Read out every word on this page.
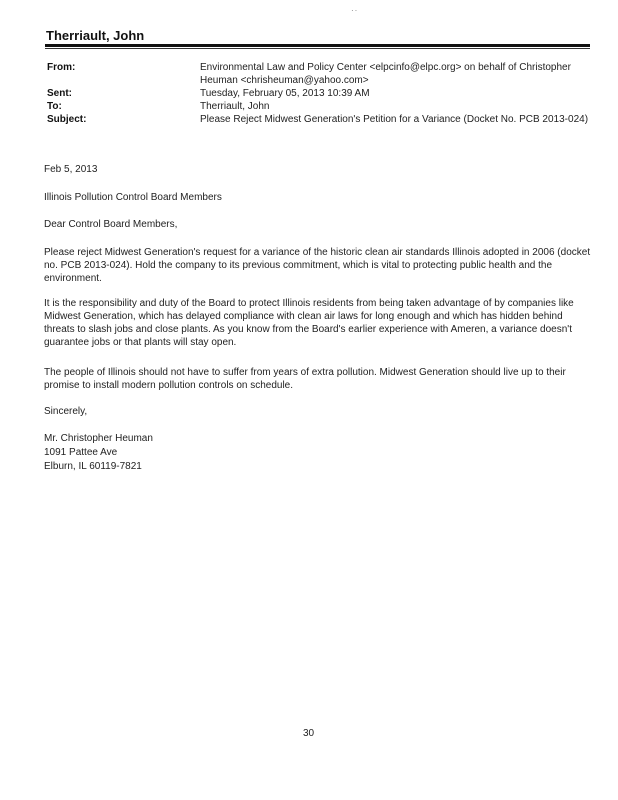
··
Therriault, John
From:	Environmental Law and Policy Center <elpcinfo@elpc.org> on behalf of Christopher Heuman <chrisheuman@yahoo.com>
Sent:	Tuesday, February 05, 2013 10:39 AM
To:	Therriault, John
Subject:	Please Reject Midwest Generation's Petition for a Variance (Docket No. PCB 2013-024)
Feb 5, 2013
Illinois Pollution Control Board Members
Dear Control Board Members,
Please reject Midwest Generation's request for a variance of the historic clean air standards Illinois adopted in 2006 (docket no. PCB 2013-024). Hold the company to its previous commitment, which is vital to protecting public health and the environment.
It is the responsibility and duty of the Board to protect Illinois residents from being taken advantage of by companies like Midwest Generation, which has delayed compliance with clean air laws for long enough and which has hidden behind threats to slash jobs and close plants. As you know from the Board's earlier experience with Ameren, a variance doesn't guarantee jobs or that plants will stay open.
The people of Illinois should not have to suffer from years of extra pollution. Midwest Generation should live up to their promise to install modern pollution controls on schedule.
Sincerely,
Mr. Christopher Heuman
1091 Pattee Ave
Elburn, IL 60119-7821
30
